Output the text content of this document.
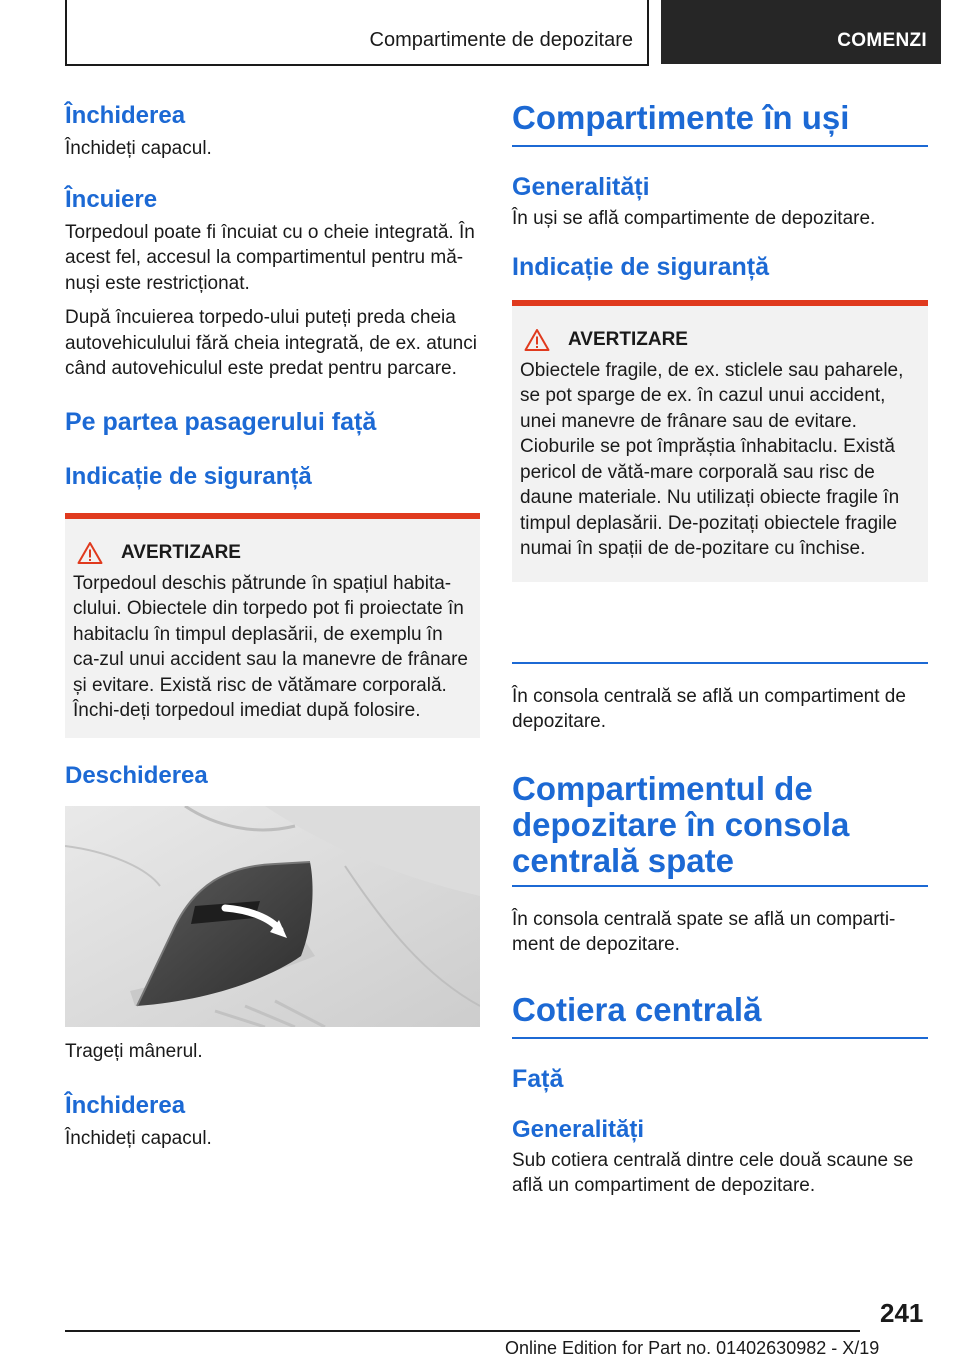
Compartimente de depozitare	COMENZI
Închiderea
Închideți capacul.
Încuiere
Torpedoul poate fi încuiat cu o cheie integrată. În acest fel, accesul la compartimentul pentru mă‐nuși este restricționat.
După încuierea torpedo-ului puteți preda cheia autovehiculului fără cheia integrată, de ex. atunci când autovehiculul este predat pentru parcare.
Pe partea pasagerului față
Indicație de siguranță
AVERTIZARE
Torpedoul deschis pătrunde în spațiul habita‐clului. Obiectele din torpedo pot fi proiectate în habitaclu în timpul deplasării, de exemplu în ca‐zul unui accident sau la manevre de frânare și evitare. Există risc de vătămare corporală. Închi‐deți torpedoul imediat după folosire.
Deschiderea
Trageți mânerul.
Închiderea
Închideți capacul.
Compartimente în uși
Generalități
În uși se află compartimente de depozitare.
Indicație de siguranță
AVERTIZARE
Obiectele fragile, de ex. sticlele sau paharele, se pot sparge de ex. în cazul unui accident, unei manevre de frânare sau de evitare. Cioburile se pot împrăștia înhabitaclu. Există pericol de vătă‐mare corporală sau risc de daune materiale. Nu utilizați obiecte fragile în timpul deplasării. De‐pozitați obiectele fragile numai în spații de de‐pozitare cu închise.
În consola centrală se află un compartiment de depozitare.
Compartimentul de depozitare în consola centrală spate
În consola centrală spate se află un comparti‐ment de depozitare.
Cotiera centrală
Față
Generalități
Sub cotiera centrală dintre cele două scaune se află un compartiment de depozitare.
241
Online Edition for Part no. 01402630982 - X/19
